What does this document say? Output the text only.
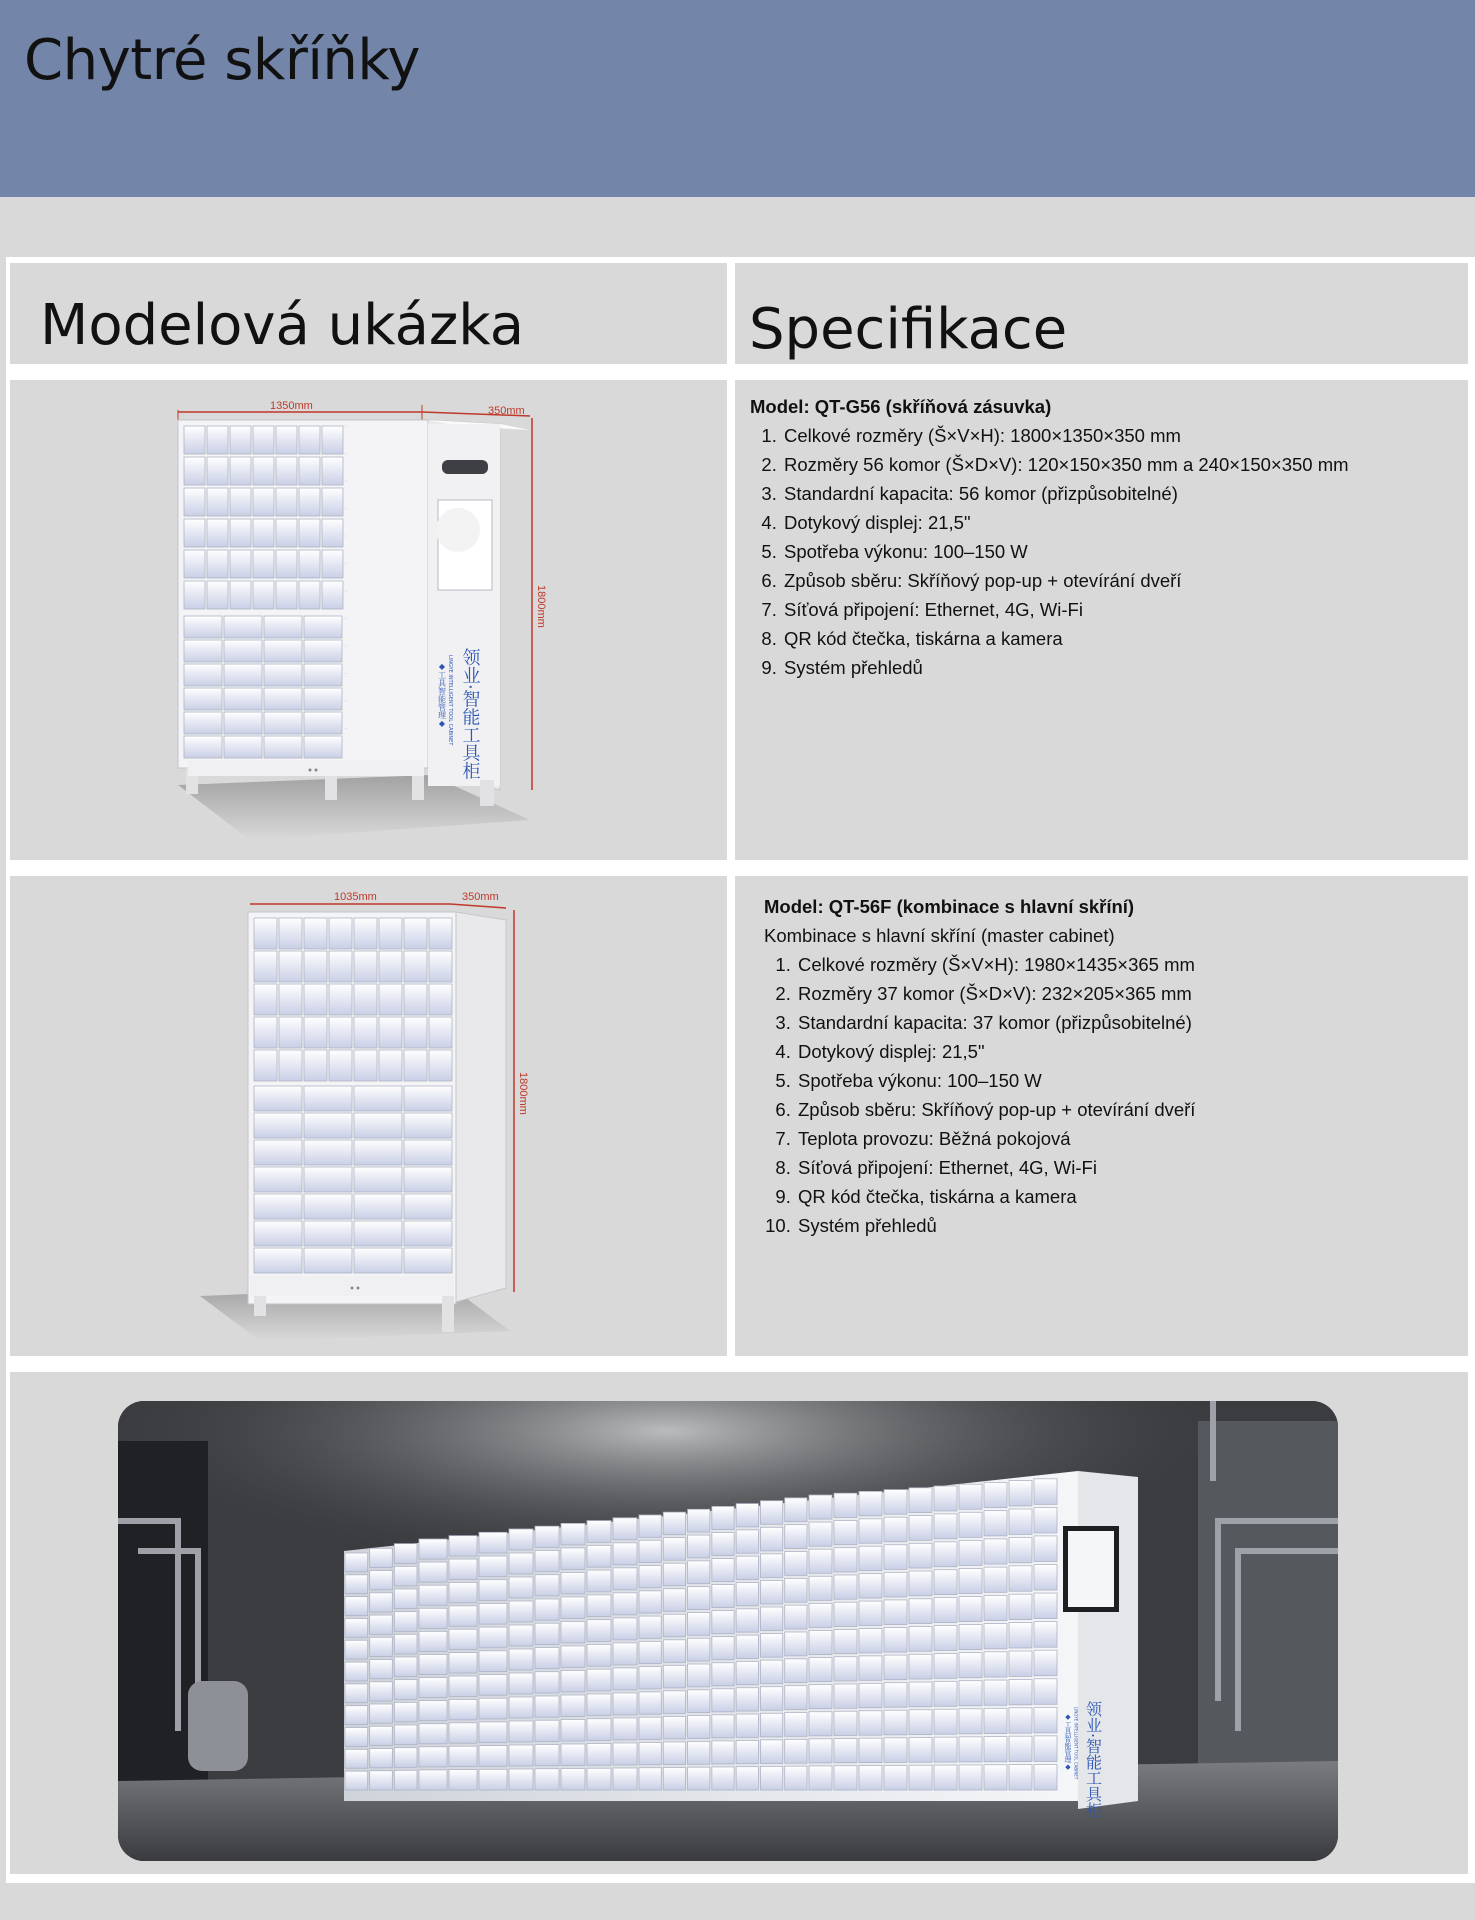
Chytré skříňky
Modelová ukázka	Specifikace
1350mm	350mm
1800mm
领业·智能工具柜
LINGYE INTELLIGENT TOOL CABINET
◆工具智能管理◆
Model: QT-G56 (skříňová zásuvka)
1. Celkové rozměry (Š×V×H): 1800×1350×350 mm
2. Rozměry 56 komor (Š×D×V): 120×150×350 mm a 240×150×350 mm
3. Standardní kapacita: 56 komor (přizpůsobitelné)
4. Dotykový displej: 21,5"
5. Spotřeba výkonu: 100–150 W
6. Způsob sběru: Skříňový pop-up + otevírání dveří
7. Síťová připojení: Ethernet, 4G, Wi-Fi
8. QR kód čtečka, tiskárna a kamera
9. Systém přehledů
1035mm	350mm
1800mm
Model: QT-56F (kombinace s hlavní skříní)
Kombinace s hlavní skříní (master cabinet)
1. Celkové rozměry (Š×V×H): 1980×1435×365 mm
2. Rozměry 37 komor (Š×D×V): 232×205×365 mm
3. Standardní kapacita: 37 komor (přizpůsobitelné)
4. Dotykový displej: 21,5"
5. Spotřeba výkonu: 100–150 W
6. Způsob sběru: Skříňový pop-up + otevírání dveří
7. Teplota provozu: Běžná pokojová
8. Síťová připojení: Ethernet, 4G, Wi-Fi
9. QR kód čtečka, tiskárna a kamera
10. Systém přehledů
领业·智能工具柜
LINGYE INTELLIGENT TOOL CABINET
◆工具智能管理◆
